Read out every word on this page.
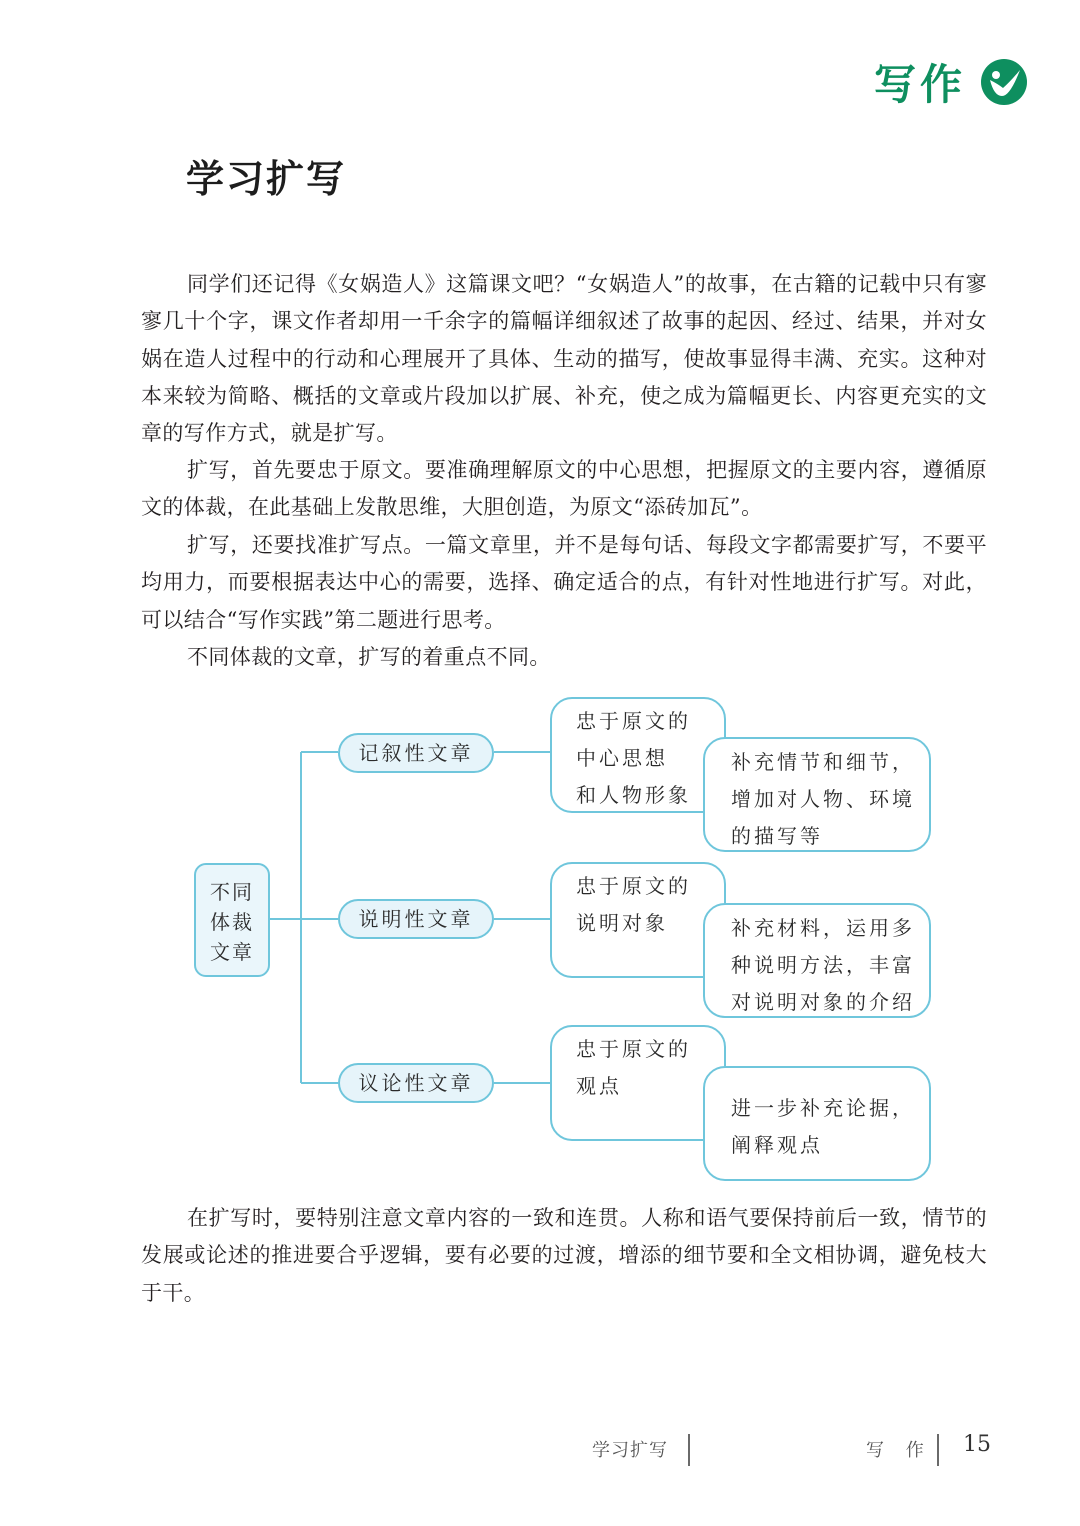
写作
学习扩写
同学们还记得《女娲造人》这篇课文吧？“女娲造人”的故事，在古籍的记载中只有寥寥几十个字，课文作者却用一千余字的篇幅详细叙述了故事的起因、经过、结果，并对女娲在造人过程中的行动和心理展开了具体、生动的描写，使故事显得丰满、充实。这种对本来较为简略、概括的文章或片段加以扩展、补充，使之成为篇幅更长、内容更充实的文章的写作方式，就是扩写。
扩写，首先要忠于原文。要准确理解原文的中心思想，把握原文的主要内容，遵循原文的体裁，在此基础上发散思维，大胆创造，为原文“添砖加瓦”。
扩写，还要找准扩写点。一篇文章里，并不是每句话、每段文字都需要扩写，不要平均用力，而要根据表达中心的需要，选择、确定适合的点，有针对性地进行扩写。对此，可以结合“写作实践”第二题进行思考。
不同体裁的文章，扩写的着重点不同。
不同
体裁
文章
记叙性文章
说明性文章
议论性文章
忠于原文的
中心思想
和人物形象
忠于原文的
说明对象
忠于原文的
观点
补充情节和细节，
增加对人物、环境
的描写等
补充材料，运用多
种说明方法，丰富
对说明对象的介绍
进一步补充论据，
阐释观点
在扩写时，要特别注意文章内容的一致和连贯。人称和语气要保持前后一致，情节的发展或论述的推进要合乎逻辑，要有必要的过渡，增添的细节要和全文相协调，避免枝大于干。
学习扩写	写 作 15
